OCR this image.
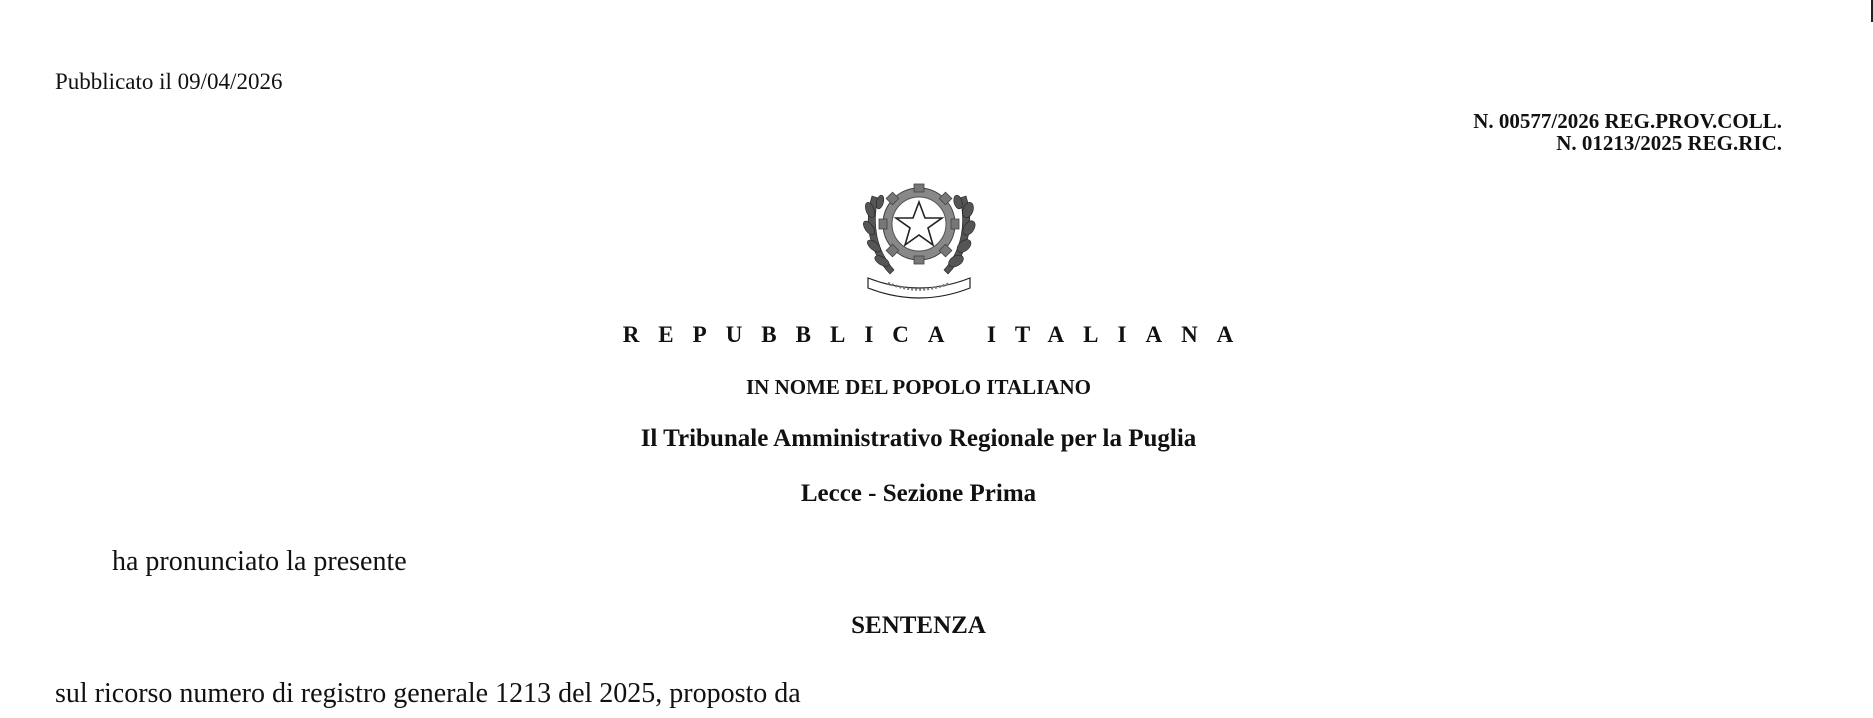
Pubblicato il 09/04/2026
N. 00577/2026 REG.PROV.COLL.
N. 01213/2025 REG.RIC.
REPUBBLICA ITALIANA
IN NOME DEL POPOLO ITALIANO
Il Tribunale Amministrativo Regionale per la Puglia
Lecce - Sezione Prima
ha pronunciato la presente
SENTENZA
sul ricorso numero di registro generale 1213 del 2025, proposto da
